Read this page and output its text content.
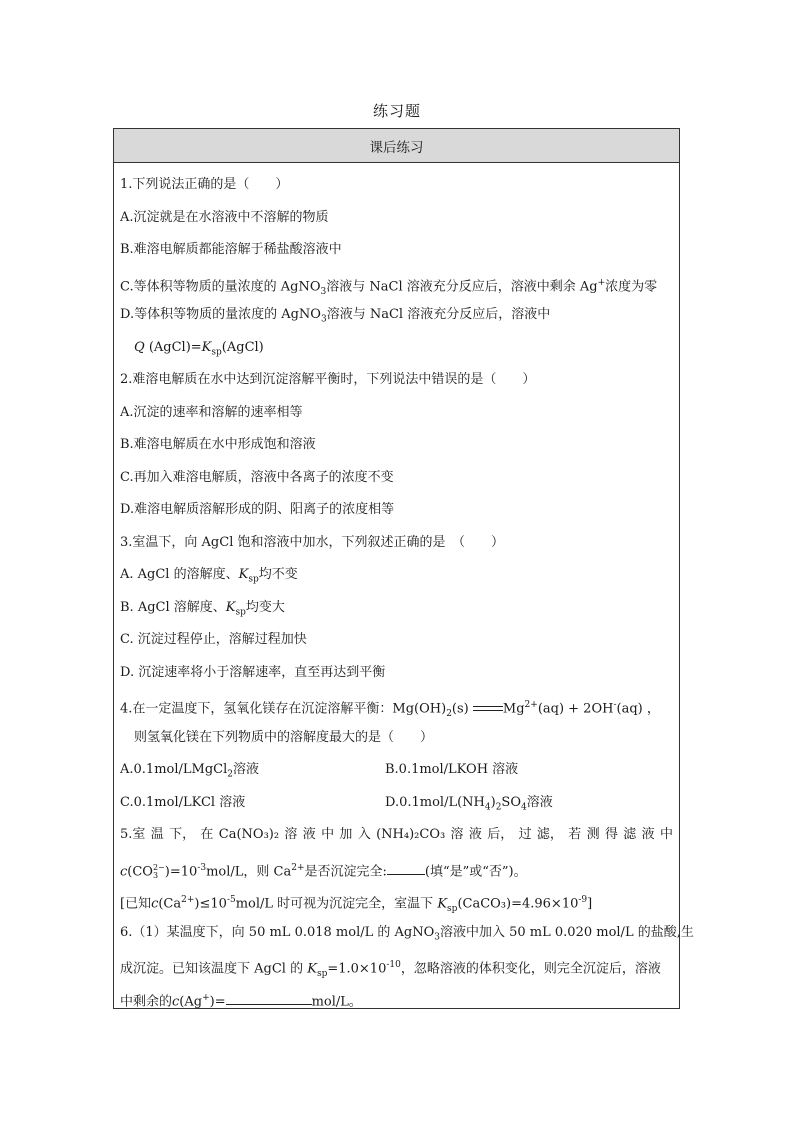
练习题
课后练习
1.下列说法正确的是（　　）
A.沉淀就是在水溶液中不溶解的物质
B.难溶电解质都能溶解于稀盐酸溶液中
C.等体积等物质的量浓度的 AgNO$_3$溶液与 NaCl 溶液充分反应后，溶液中剩余 Ag+浓度为零
D.等体积等物质的量浓度的 AgNO$_3$溶液与 NaCl 溶液充分反应后，溶液中
Q $(AgCl)=K_{sp}(AgCl)$
2.难溶电解质在水中达到沉淀溶解平衡时，下列说法中错误的是（　　）
A.沉淀的速率和溶解的速率相等
B.难溶电解质在水中形成饱和溶液
C.再加入难溶电解质，溶液中各离子的浓度不变
D.难溶电解质溶解形成的阴、阳离子的浓度相等
3.室温下，向 AgCl 饱和溶液中加水，下列叙述正确的是　（　　）
A. AgCl 的溶解度、$K_{sp}$均不变
B. AgCl 溶解度、$K_{sp}$均变大
C. 沉淀过程停止，溶解过程加快
D. 沉淀速率将小于溶解速率，直至再达到平衡
4.在一定温度下，氢氧化镁存在沉淀溶解平衡：$Mg(OH)_2(s)$	$Mg^{2+}(aq) + 2OH^-(aq)$ ，
则氢氧化镁在下列物质中的溶解度最大的是（　　）
A.0.1mol/LMgCl$_2$溶液	B.0.1mol/LKOH 溶液
C.0.1mol/LKCl 溶液	$D.0.1mol/L(NH_4)_2SO_4$溶液
5.室 温 下， 在 Ca(NO₃)₂ 溶 液 中 加 入 (NH₄)₂CO₃ 溶 液 后， 过 滤， 若 测 得 滤 液 中
c(CO 2−
3 )$=10^{-3}mol/L$，则 $Ca^{2+}$是否沉淀完全:	(填“是”或“否”)。
[已知$c(Ca^{2+})\le 10^{-5}mol/L$ 时可视为沉淀完全，室温下 $K_{sp}(CaCO_3)=4.96\times 10^{-9}$]
6.（1）某温度下，向 50 mL 0.018 mol/L 的 AgNO$_3$溶液中加入 50 mL 0.020 mol/L 的盐酸,生
成沉淀。已知该温度下 AgCl 的 $K_{sp}=1.0\times 10^{-10}$，忽略溶液的体积变化，则完全沉淀后，溶液
中剩余的c(Ag+)=	mol/L。
